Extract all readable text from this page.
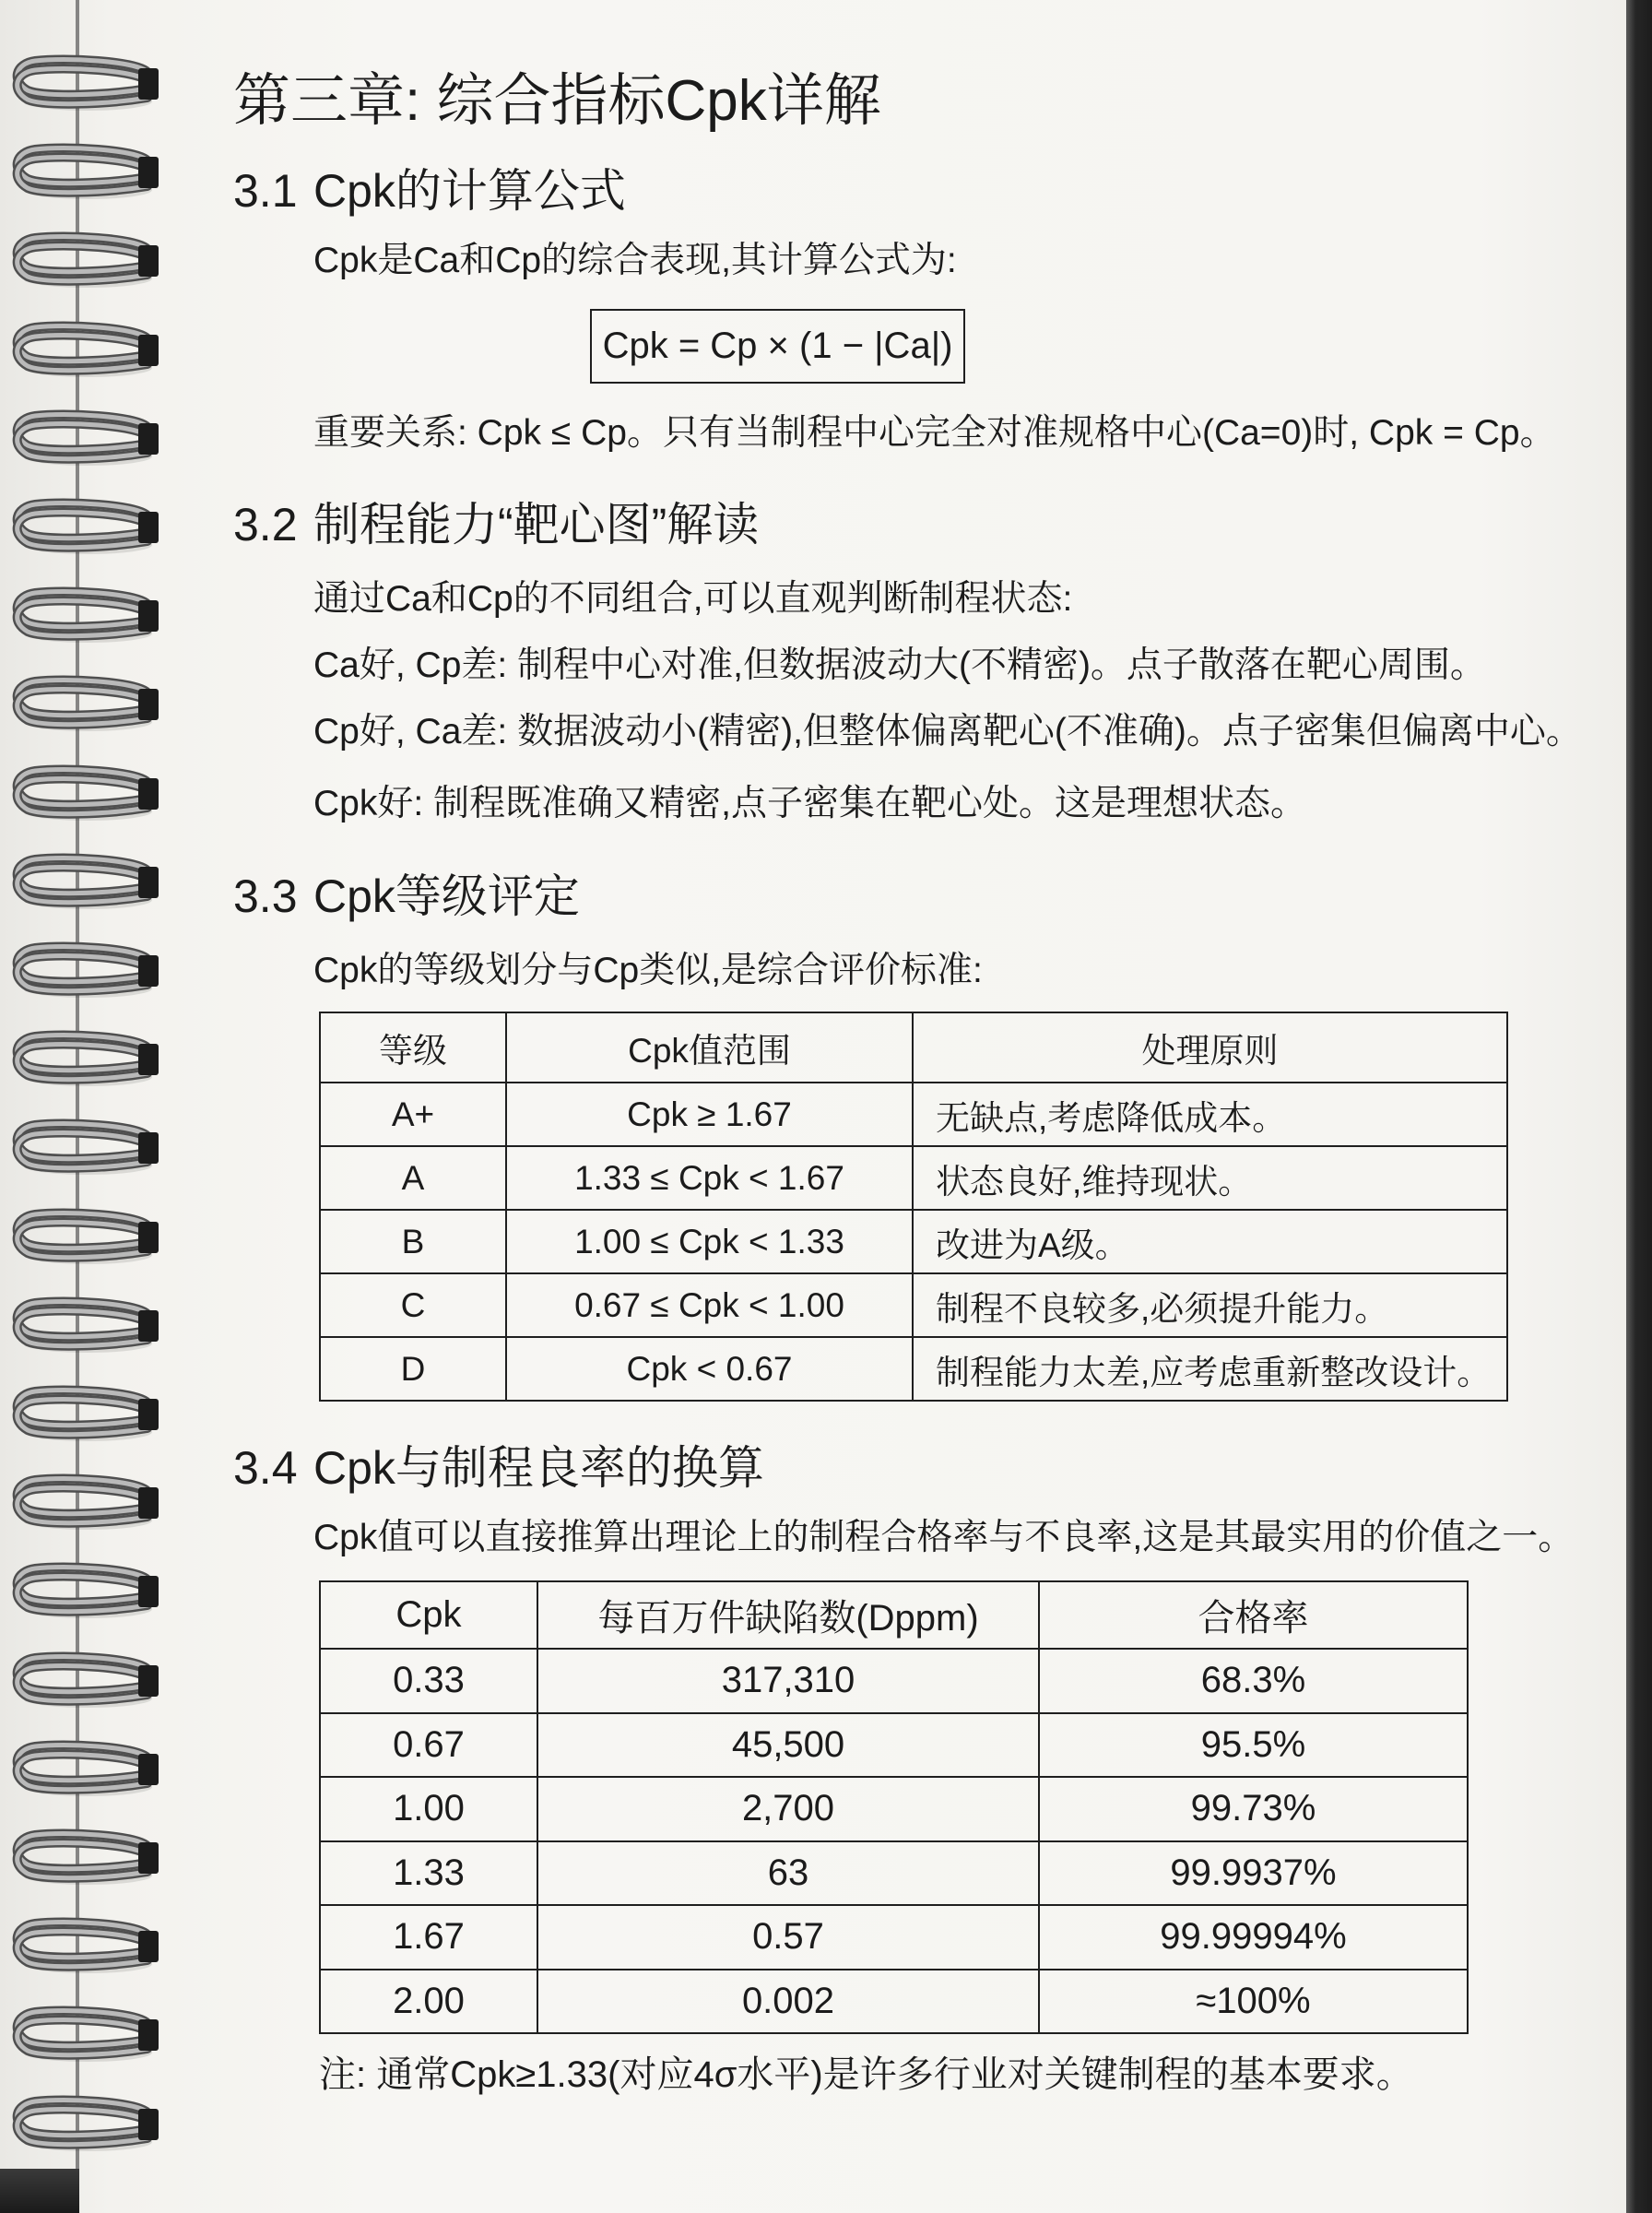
第三章: 综合指标Cpk详解
3.1 Cpk的计算公式
Cpk是Ca和Cp的综合表现,其计算公式为:
Cpk = Cp × (1 − |Ca|)
重要关系: Cpk ≤ Cp。只有当制程中心完全对准规格中心(Ca=0)时, Cpk = Cp。
3.2 制程能力“靶心图”解读
通过Ca和Cp的不同组合,可以直观判断制程状态:
Ca好, Cp差: 制程中心对准,但数据波动大(不精密)。点子散落在靶心周围。
Cp好, Ca差: 数据波动小(精密),但整体偏离靶心(不准确)。点子密集但偏离中心。
Cpk好: 制程既准确又精密,点子密集在靶心处。这是理想状态。
3.3 Cpk等级评定
Cpk的等级划分与Cp类似,是综合评价标准:
等级	Cpk值范围	处理原则
A+	Cpk ≥ 1.67	无缺点,考虑降低成本。
A	1.33 ≤ Cpk < 1.67	状态良好,维持现状。
B	1.00 ≤ Cpk < 1.33	改进为A级。
C	0.67 ≤ Cpk < 1.00	制程不良较多,必须提升能力。
D	Cpk < 0.67	制程能力太差,应考虑重新整改设计。
3.4 Cpk与制程良率的换算
Cpk值可以直接推算出理论上的制程合格率与不良率,这是其最实用的价值之一。
Cpk	每百万件缺陷数(Dppm)	合格率
0.33	317,310	68.3%
0.67	45,500	95.5%
1.00	2,700	99.73%
1.33	63	99.9937%
1.67	0.57	99.99994%
2.00	0.002	≈100%
注: 通常Cpk≥1.33(对应4σ水平)是许多行业对关键制程的基本要求。
